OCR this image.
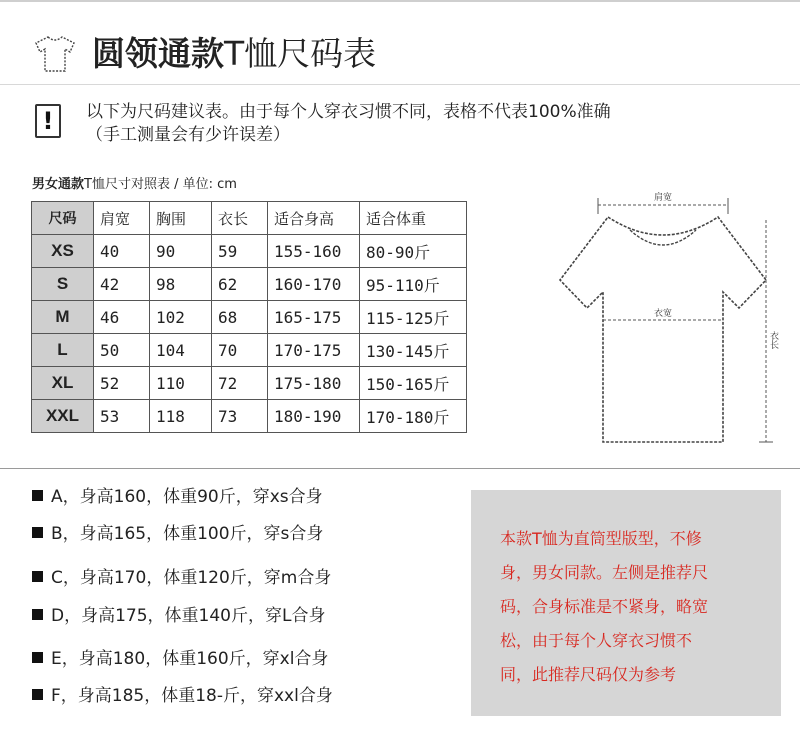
圆领通款T恤尺码表
!	以下为尺码建议表。由于每个人穿衣习惯不同，表格不代表100%准确
（手工测量会有少许误差）
男女通款T恤尺寸对照表 / 单位: cm
尺码	肩宽	胸围	衣长	适合身高	适合体重
XS	40	90	59	155-160	80-90斤
S	42	98	62	160-170	95-110斤
M	46	102	68	165-175	115-125斤
L	50	104	70	170-175	130-145斤
XL	52	110	72	175-180	150-165斤
XXL	53	118	73	180-190	170-180斤
肩宽
衣宽
衣长
A，身高160，体重90斤，穿xs合身
B，身高165，体重100斤，穿s合身
C，身高170，体重120斤，穿m合身
D，身高175，体重140斤，穿L合身
E，身高180，体重160斤，穿xl合身
F，身高185，体重18-斤，穿xxl合身
本款T恤为直筒型版型，不修
身，男女同款。左侧是推荐尺
码，合身标准是不紧身，略宽
松，由于每个人穿衣习惯不
同，此推荐尺码仅为参考
